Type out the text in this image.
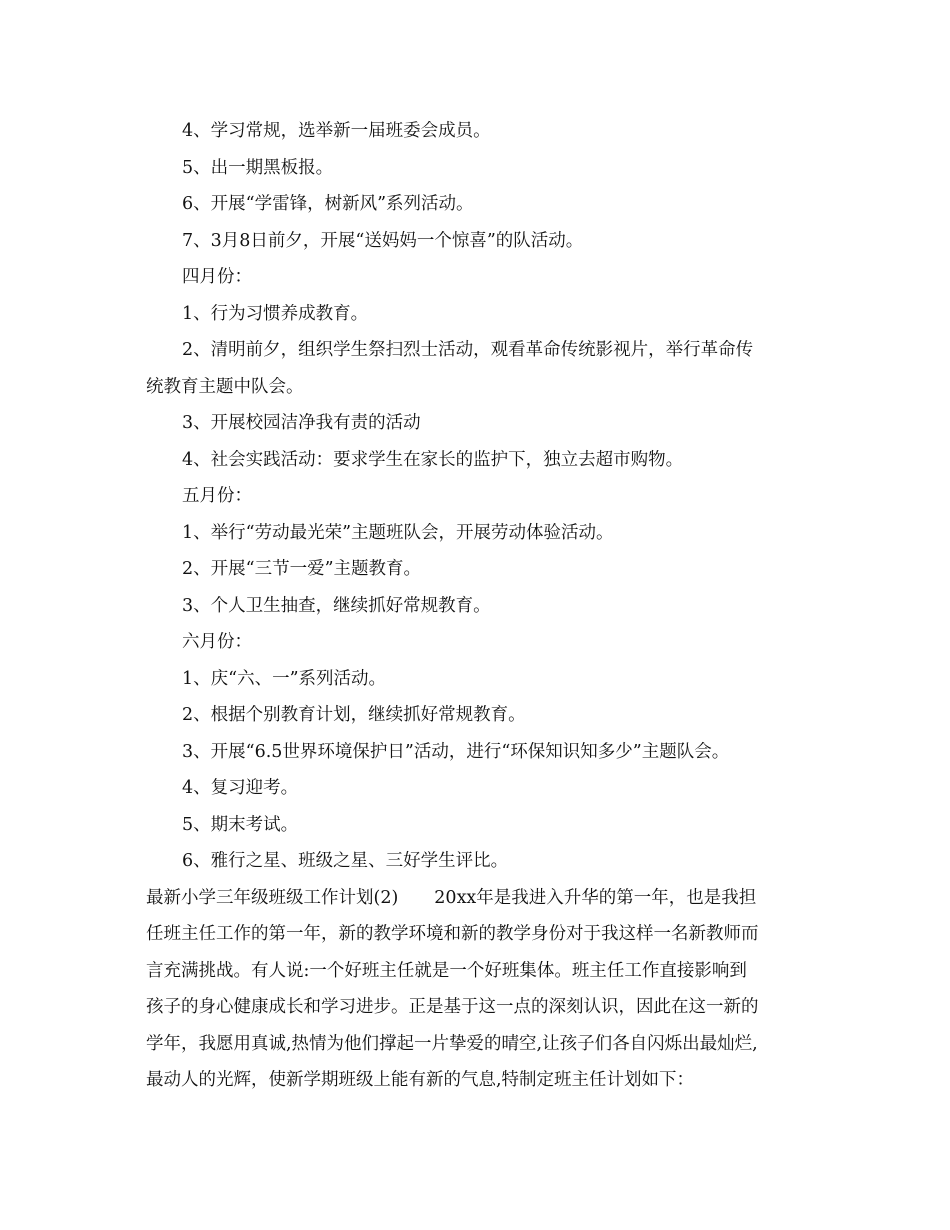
4、学习常规，选举新一届班委会成员。
5、出一期黑板报。
6、开展“学雷锋，树新风”系列活动。
7、3月8日前夕，开展“送妈妈一个惊喜”的队活动。
四月份：
1、行为习惯养成教育。
2、清明前夕，组织学生祭扫烈士活动，观看革命传统影视片，举行革命传
统教育主题中队会。
3、开展校园洁净我有责的活动
4、社会实践活动：要求学生在家长的监护下，独立去超市购物。
五月份：
1、举行“劳动最光荣”主题班队会，开展劳动体验活动。
2、开展“三节一爱”主题教育。
3、个人卫生抽查，继续抓好常规教育。
六月份：
1、庆“六、一”系列活动。
2、根据个别教育计划，继续抓好常规教育。
3、开展“6.5世界环境保护日”活动，进行“环保知识知多少”主题队会。
4、复习迎考。
5、期末考试。
6、雅行之星、班级之星、三好学生评比。
最新小学三年级班级工作计划(2) 20xx年是我进入升华的第一年，也是我担
任班主任工作的第一年，新的教学环境和新的教学身份对于我这样一名新教师而
言充满挑战。有人说:一个好班主任就是一个好班集体。班主任工作直接影响到
孩子的身心健康成长和学习进步。正是基于这一点的深刻认识，因此在这一新的
学年，我愿用真诚,热情为他们撑起一片挚爱的晴空,让孩子们各自闪烁出最灿烂,
最动人的光辉，使新学期班级上能有新的气息,特制定班主任计划如下：
